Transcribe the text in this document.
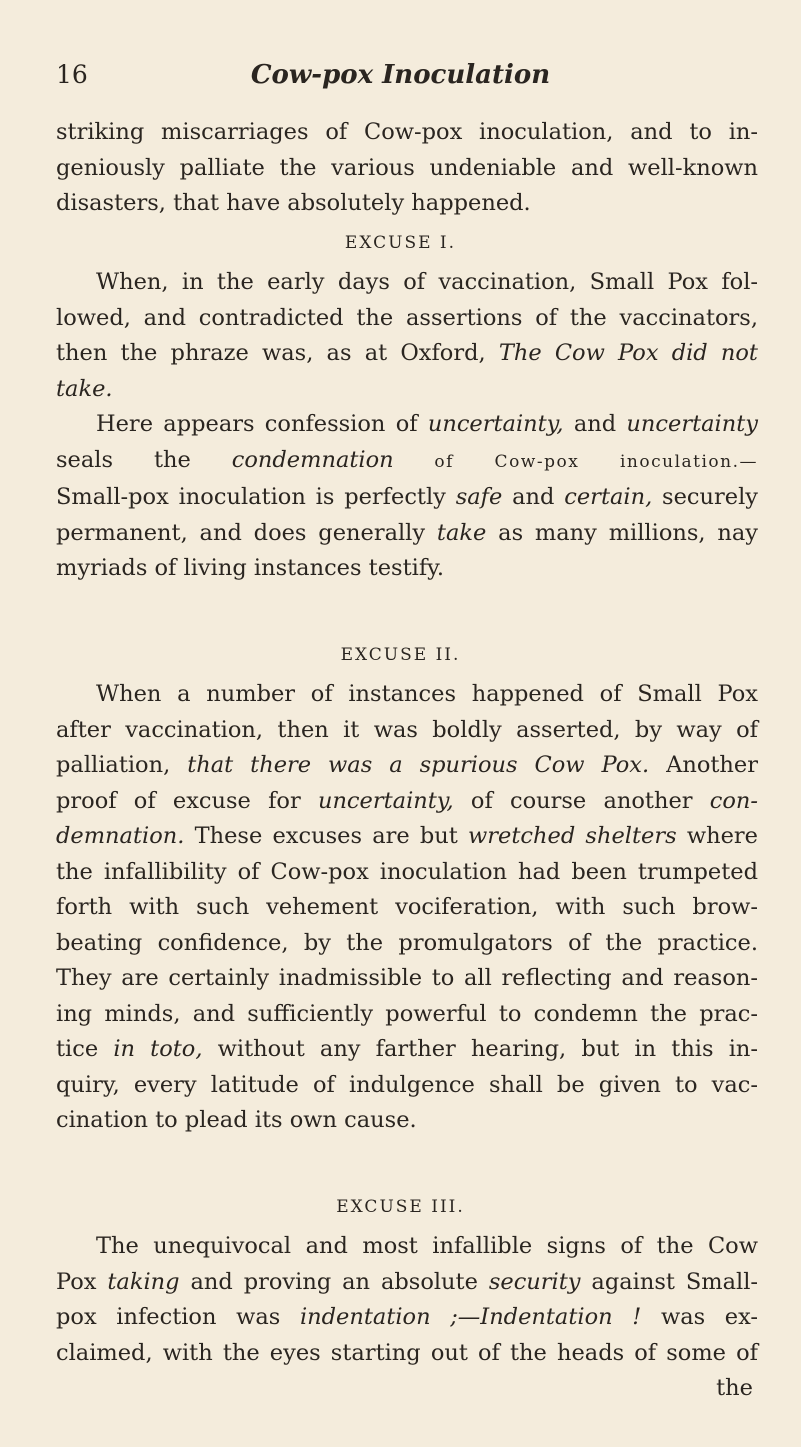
16	Cow-pox Inoculation

striking miscarriages of Cow-pox inoculation, and to in-

geniously palliate the various undeniable and well-known

disasters, that have absolutely happened.

EXCUSE I.

When, in the early days of vaccination, Small Pox fol-

lowed, and contradicted the assertions of the vaccinators,

then the phraze was, as at Oxford, The Cow Pox did not

take.

Here appears confession of uncertainty, and uncertainty

seals the condemnation of Cow-pox inoculation.—

Small-pox inoculation is perfectly safe and certain, securely

permanent, and does generally take as many millions, nay

myriads of living instances testify.

EXCUSE II.

When a number of instances happened of Small Pox

after vaccination, then it was boldly asserted, by way of

palliation, that there was a spurious Cow Pox. Another

proof of excuse for uncertainty, of course another con-

demnation. These excuses are but wretched shelters where

the infallibility of Cow-pox inoculation had been trumpeted

forth with such vehement vociferation, with such brow-

beating confidence, by the promulgators of the practice.

They are certainly inadmissible to all reflecting and reason-

ing minds, and sufficiently powerful to condemn the prac-

tice in toto, without any farther hearing, but in this in-

quiry, every latitude of indulgence shall be given to vac-

cination to plead its own cause.

EXCUSE III.

The unequivocal and most infallible signs of the Cow

Pox taking and proving an absolute security against Small-

pox infection was indentation ;—Indentation ! was ex-

claimed, with the eyes starting out of the heads of some of

the
